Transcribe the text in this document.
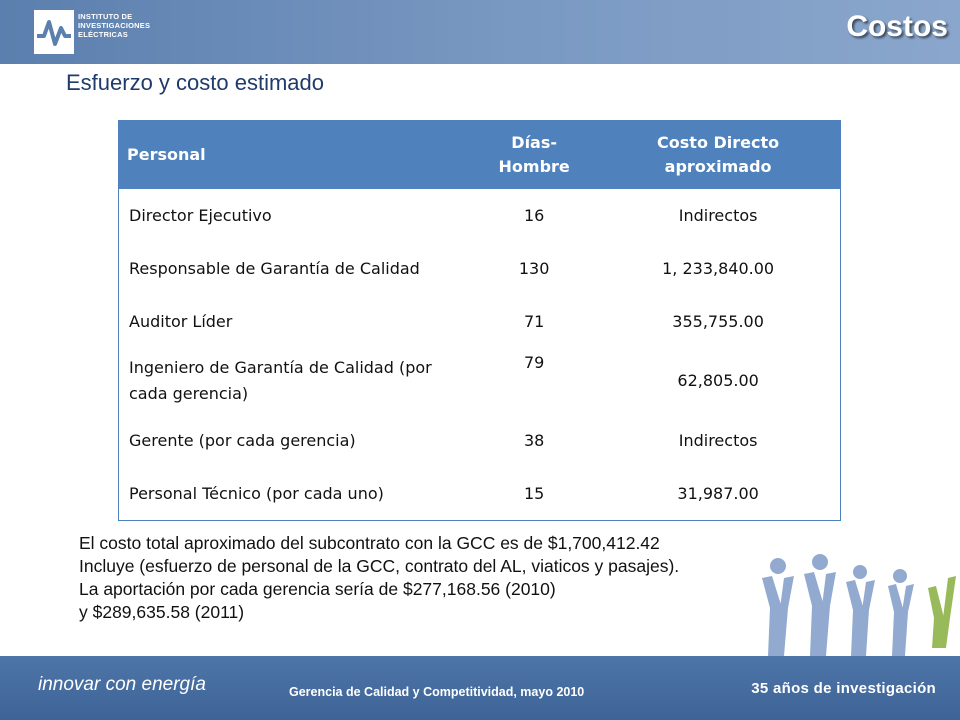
INSTITUTO DE
INVESTIGACIONES
ELÉCTRICAS	Costos
Esfuerzo y costo estimado
Personal	Días- Hombre	Costo Directo aproximado
Director Ejecutivo	16	Indirectos
Responsable de Garantía de Calidad	130	1, 233,840.00
Auditor Líder	71	355,755.00
Ingeniero de Garantía de Calidad (por cada gerencia)	79	62,805.00
Gerente (por cada gerencia)	38	Indirectos
Personal Técnico (por cada uno)	15	31,987.00
El costo total aproximado del subcontrato con la GCC es de $1,700,412.42
Incluye (esfuerzo de personal de la GCC, contrato del AL, viaticos y pasajes).
La aportación por cada gerencia sería de $277,168.56 (2010)
y $289,635.58 (2011)
innovar con energía	Gerencia de Calidad y Competitividad, mayo 2010	35 años de investigación
